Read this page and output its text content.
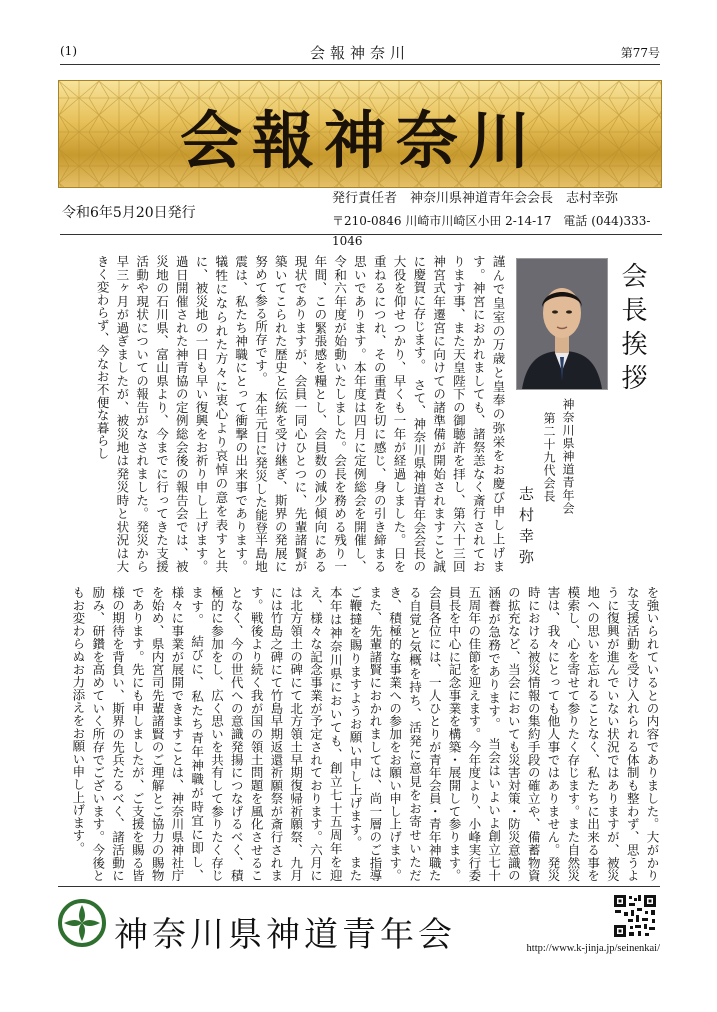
(1)	会報神奈川	第77号
会報神奈川
令和6年5月20日発行
発行責任者　神奈川県神道青年会会長　志村幸弥
〒210-0846 川崎市川崎区小田 2-14-17　電話 (044)333-1046
会長挨拶
神奈川県神道青年会
第二十九代会長
志村幸弥
謹んで皇室の万歳と皇奉の弥栄をお慶び申し上げます。神宮におかれましても、諸祭恙なく斎行されております事、また天皇陛下の御聴許を拝し、第六十三回神宮式年遷宮に向けての諸準備が開始されますこと誠に慶賀に存じます。　さて、神奈川県神道青年会会長の大役を仰せつかり、早くも一年が経過しました。日を重ねるにつれ、その重責を切に感じ、身の引き締まる思いであります。本年度は四月に定例総会を開催し、令和六年度が始動いたしました。会長を務める残り一年間、この緊張感を糧とし、会員数の減少傾向にある現状でありますが、会員一同心ひとつに、先輩諸賢が築いてこられた歴史と伝統を受け継ぎ、斯界の発展に努めて参る所存です。　本年元日に発災した能登半島地震は、私たち神職にとって衝撃の出来事であります。犠牲になられた方々に衷心より哀悼の意を表すと共に、被災地の一日も早い復興をお祈り申し上げます。過日開催された神青協の定例総会後の報告会では、被災地の石川県、富山県より、今までに行ってきた支援活動や現状についての報告がなされました。発災から早三ヶ月が過ぎましたが、被災地は発災時と状況は大きく変わらず、今なお不便な暮らし
を強いられているとの内容でありました。大がかりな支援活動を受け入れられる体制も整わず、思うように復興が進んでいない状況ではありますが、被災地への思いを忘れることなく、私たちに出来る事を模索し、心を寄せて参りたく存じます。また自然災害は、我々にとっても他人事ではありません。発災時における被災情報の集約手段の確立や、備蓄物資の拡充など、当会においても災害対策・防災意識の涵養が急務であります。　当会はいよいよ創立七十五周年の佳節を迎えます。今年度より、小峰実行委員長を中心に記念事業を構築・展開して参ります。会員各位には、一人ひとりが青年会員・青年神職たる自覚と気概を持ち、活発に意見をお寄せいただき、積極的な事業への参加をお願い申し上げます。また、先輩諸賢におかれましては、尚一層のご指導ご鞭撻を賜りますようお願い申し上げます。　また本年は神奈川県においても、創立七十五周年を迎え、様々な記念事業が予定されております。六月には北方領土の碑にて北方領土早期復帰祈願祭、九月には竹島之碑にて竹島早期返還祈願祭が斎行されます。戦後より続く我が国の領土問題を風化させることなく、今の世代への意識発揚につなげるべく、積極的に参加をし、広く思いを共有して参りたく存じます。　結びに、私たち青年神職が時宜に即し、様々に事業が展開できますことは、神奈川県神社庁を始め、県内宮司先輩諸賢のご理解とご協力の賜物であります。先にも申しましたが、ご支援を賜る皆様の期待を背負い、斯界の先兵たるべく、諸活動に励み、研鑽を高めていく所存でございます。今後ともお変わらぬお力添えをお願い申し上げます。
神奈川県神道青年会	http://www.k-jinja.jp/seinenkai/
